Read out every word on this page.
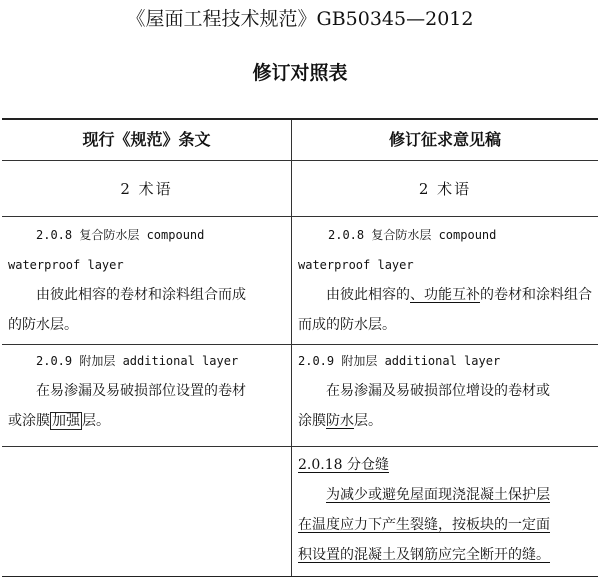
《屋面工程技术规范》GB50345—2012
修订对照表
现行《规范》条文	修订征求意见稿
2 术语	2 术语
2.0.8 复合防水层 compound
waterproof layer
由彼此相容的卷材和涂料组合而成
的防水层。
2.0.8 复合防水层 compound
waterproof layer
由彼此相容的、功能互补的卷材和涂料组合
而成的防水层。
2.0.9 附加层 additional layer
在易渗漏及易破损部位设置的卷材
或涂膜 加强 层。
2.0.9 附加层 additional layer
在易渗漏及易破损部位增设的卷材或
涂膜防水层。
2.0.18 分仓缝
为减少或避免屋面现浇混凝土保护层
在温度应力下产生裂缝，按板块的一定面
积设置的混凝土及钢筋应完全断开的缝。
